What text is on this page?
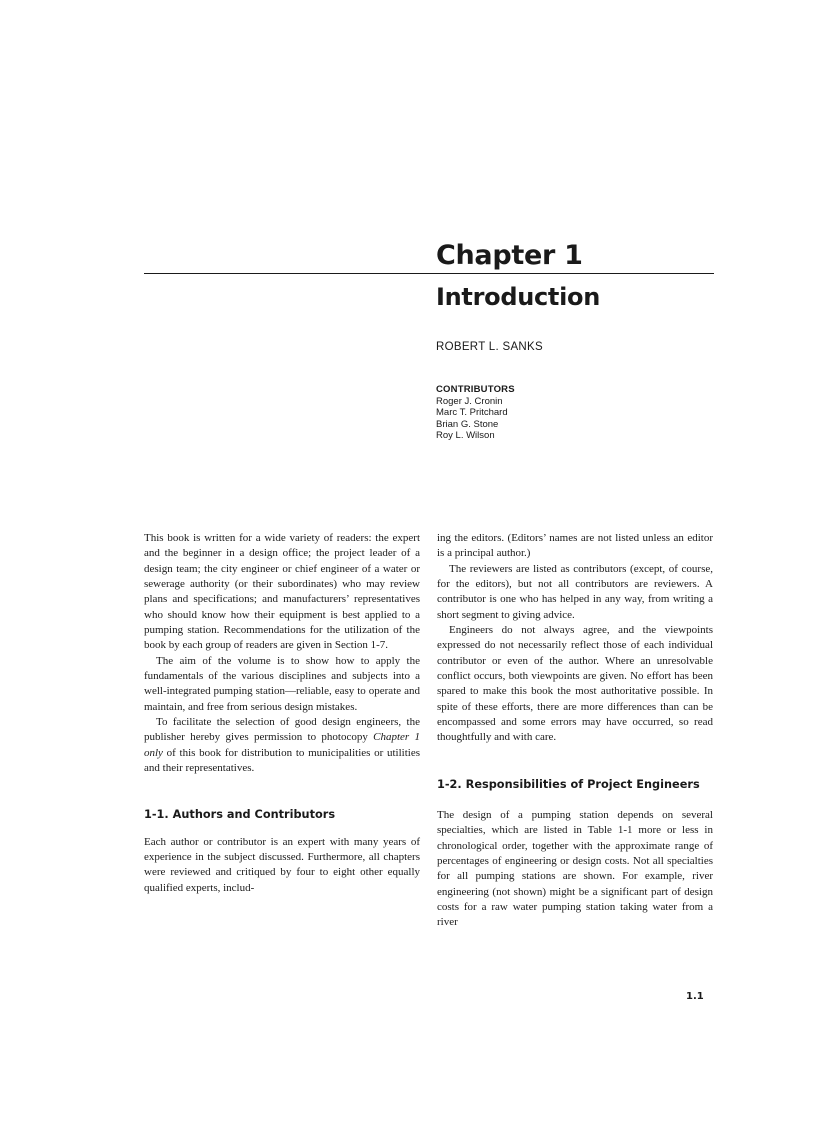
Chapter 1
Introduction

ROBERT L. SANKS

CONTRIBUTORS

Roger J. Cronin
Marc T. Pritchard
Brian G. Stone
Roy L. Wilson

This book is written for a wide variety of readers: the expert and the beginner in a design office; the project leader of a design team; the city engineer or chief engineer of a water or sewerage authority (or their subordinates) who may review plans and specifications; and manufacturers’ representatives who should know how their equipment is best applied to a pumping station. Recommendations for the utilization of the book by each group of readers are given in Section 1-7.

The aim of the volume is to show how to apply the fundamentals of the various disciplines and subjects into a well-integrated pumping station—reliable, easy to operate and maintain, and free from serious design mistakes.

To facilitate the selection of good design engineers, the publisher hereby gives permission to photocopy Chapter 1 only of this book for distribution to municipalities or utilities and their representatives.

1-1. Authors and Contributors

Each author or contributor is an expert with many years of experience in the subject discussed. Furthermore, all chapters were reviewed and critiqued by four to eight other equally qualified experts, includ-

ing the editors. (Editors’ names are not listed unless an editor is a principal author.)

The reviewers are listed as contributors (except, of course, for the editors), but not all contributors are reviewers. A contributor is one who has helped in any way, from writing a short segment to giving advice.

Engineers do not always agree, and the viewpoints expressed do not necessarily reflect those of each individual contributor or even of the author. Where an unresolvable conflict occurs, both viewpoints are given. No effort has been spared to make this book the most authoritative possible. In spite of these efforts, there are more differences than can be encompassed and some errors may have occurred, so read thoughtfully and with care.

1-2. Responsibilities of Project Engineers

The design of a pumping station depends on several specialties, which are listed in Table 1-1 more or less in chronological order, together with the approximate range of percentages of engineering or design costs. Not all specialties for all pumping stations are shown. For example, river engineering (not shown) might be a significant part of design costs for a raw water pumping station taking water from a river

1.1
